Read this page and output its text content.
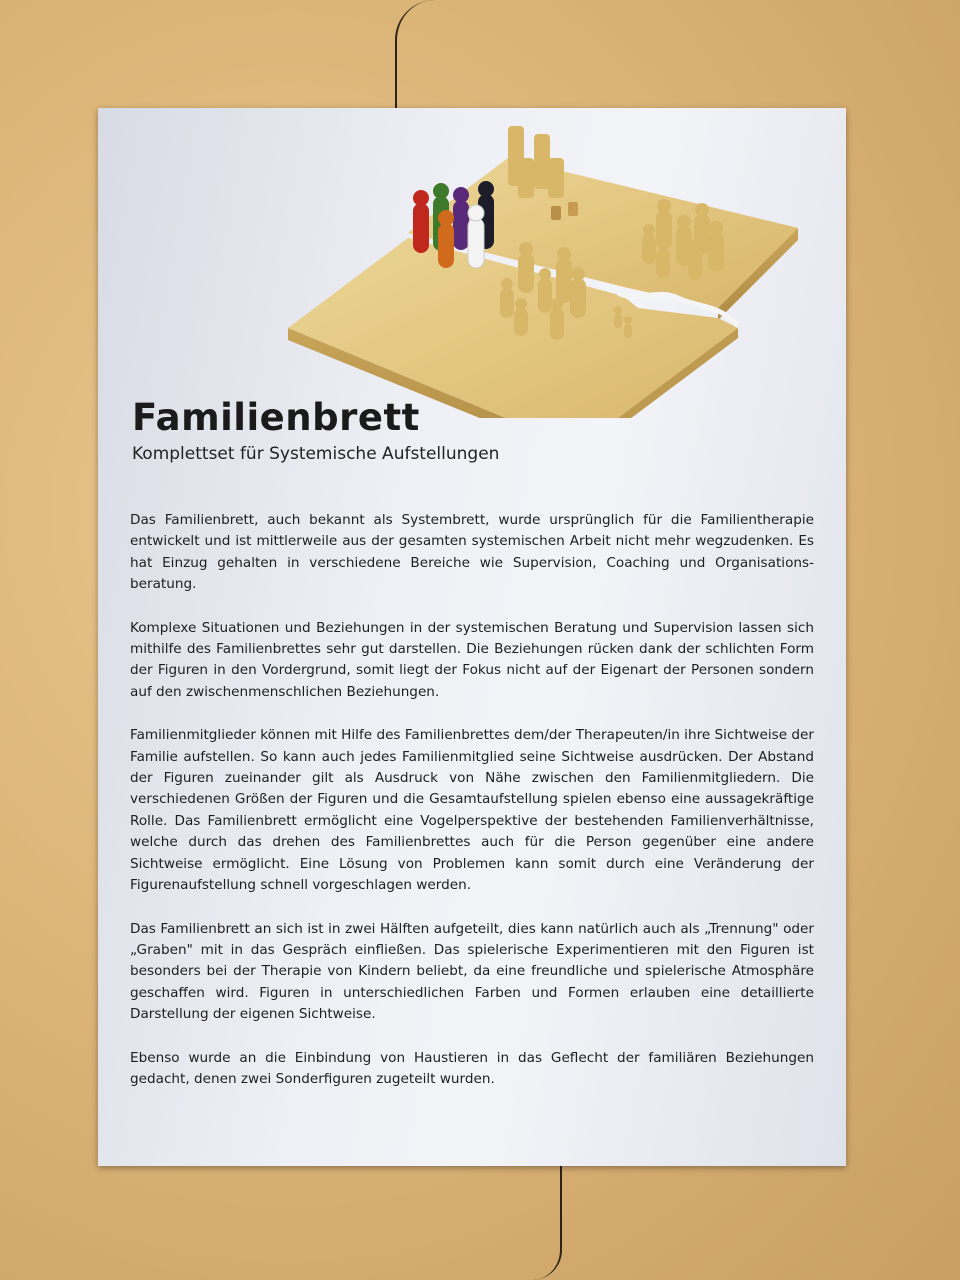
Familienbrett

Komplettset für Systemische Aufstellungen

Das Familienbrett, auch bekannt als Systembrett, wurde ursprünglich für die Familientherapie entwickelt und ist mittlerweile aus der gesamten systemischen Arbeit nicht mehr wegzudenken. Es hat Einzug gehalten in verschiedene Bereiche wie Supervision, Coaching und Organisations-beratung.

Komplexe Situationen und Beziehungen in der systemischen Beratung und Supervision lassen sich mithilfe des Familienbrettes sehr gut darstellen. Die Beziehungen rücken dank der schlichten Form der Figuren in den Vordergrund, somit liegt der Fokus nicht auf der Eigenart der Personen sondern auf den zwischenmenschlichen Beziehungen.

Familienmitglieder können mit Hilfe des Familienbrettes dem/der Therapeuten/in ihre Sichtweise der Familie aufstellen. So kann auch jedes Familienmitglied seine Sichtweise ausdrücken. Der Abstand der Figuren zueinander gilt als Ausdruck von Nähe zwischen den Familienmitgliedern. Die verschiedenen Größen der Figuren und die Gesamtaufstellung spielen ebenso eine aussagekräftige Rolle. Das Familienbrett ermöglicht eine Vogelperspektive der bestehenden Familienverhältnisse, welche durch das drehen des Familienbrettes auch für die Person gegenüber eine andere Sichtweise ermöglicht. Eine Lösung von Problemen kann somit durch eine Veränderung der Figurenaufstellung schnell vorgeschlagen werden.

Das Familienbrett an sich ist in zwei Hälften aufgeteilt, dies kann natürlich auch als „Trennung" oder „Graben" mit in das Gespräch einfließen. Das spielerische Experimentieren mit den Figuren ist besonders bei der Therapie von Kindern beliebt, da eine freundliche und spielerische Atmosphäre geschaffen wird. Figuren in unterschiedlichen Farben und Formen erlauben eine detaillierte Darstellung der eigenen Sichtweise.

Ebenso wurde an die Einbindung von Haustieren in das Geflecht der familiären Beziehungen gedacht, denen zwei Sonderfiguren zugeteilt wurden.
